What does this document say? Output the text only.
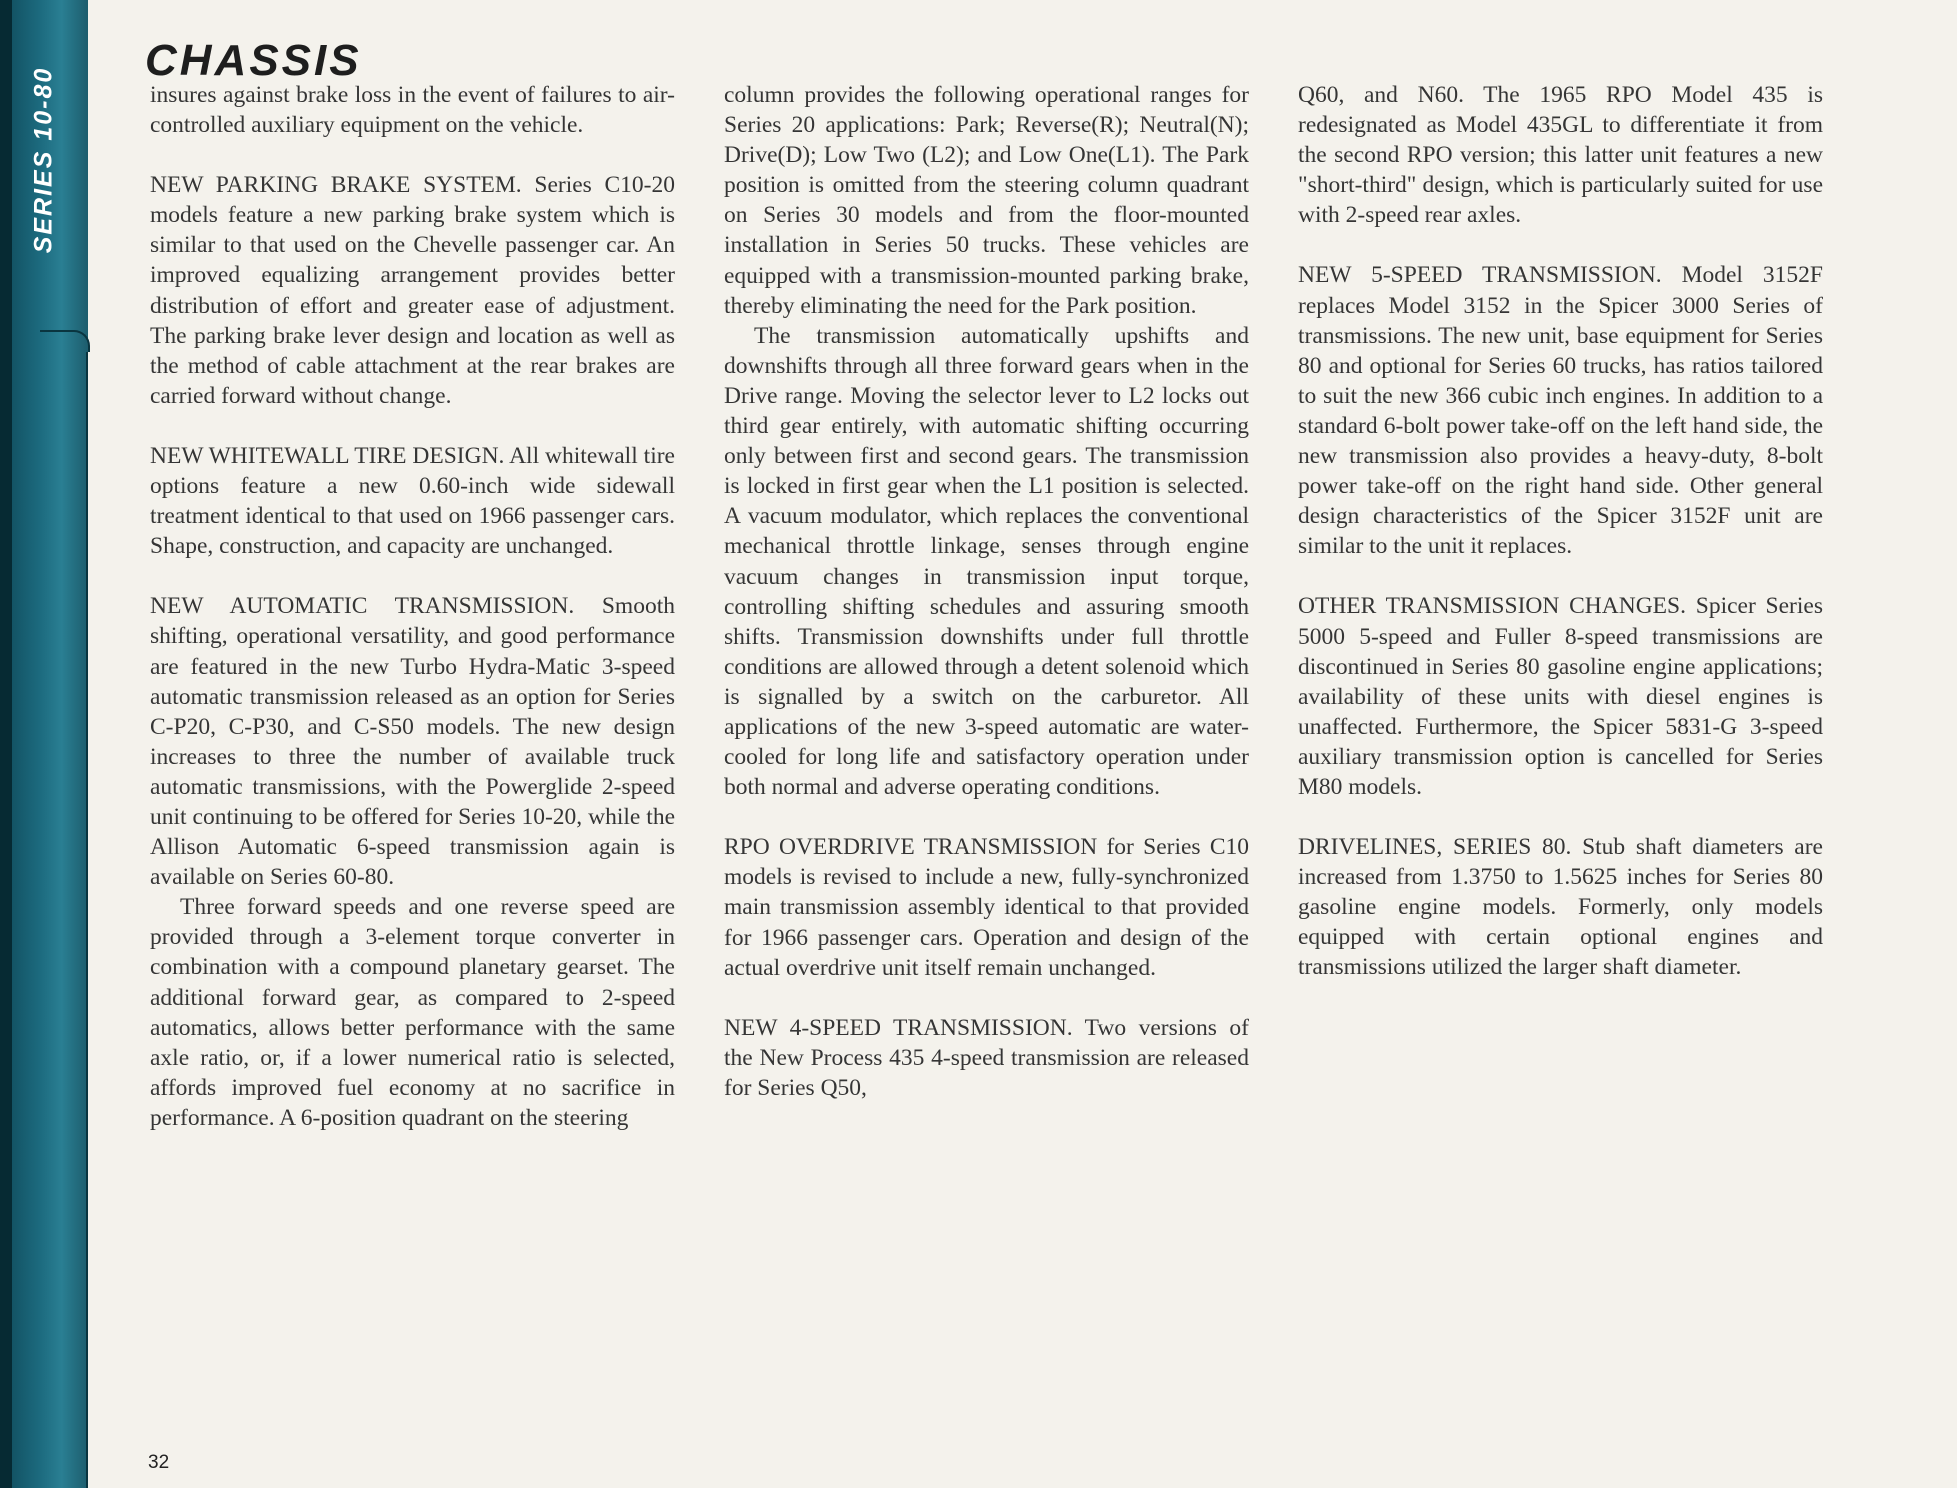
SERIES 10-80
CHASSIS

insures against brake loss in the event of failures to air-controlled auxiliary equipment on the vehicle.

NEW PARKING BRAKE SYSTEM. Series C10-20 models feature a new parking brake system which is similar to that used on the Chevelle passenger car. An improved equalizing arrangement provides better distribution of effort and greater ease of adjustment. The parking brake lever design and location as well as the method of cable attachment at the rear brakes are carried forward without change.

NEW WHITEWALL TIRE DESIGN. All whitewall tire options feature a new 0.60-inch wide sidewall treatment identical to that used on 1966 passenger cars. Shape, construction, and capacity are unchanged.

NEW AUTOMATIC TRANSMISSION. Smooth shifting, operational versatility, and good performance are featured in the new Turbo Hydra-Matic 3-speed automatic transmission released as an option for Series C-P20, C-P30, and C-S50 models. The new design increases to three the number of available truck automatic transmissions, with the Powerglide 2-speed unit continuing to be offered for Series 10-20, while the Allison Automatic 6-speed transmission again is available on Series 60-80.

Three forward speeds and one reverse speed are provided through a 3-element torque converter in combination with a compound planetary gearset. The additional forward gear, as compared to 2-speed automatics, allows better performance with the same axle ratio, or, if a lower numerical ratio is selected, affords improved fuel economy at no sacrifice in performance. A 6-position quadrant on the steering

column provides the following operational ranges for Series 20 applications: Park; Reverse(R); Neutral(N); Drive(D); Low Two (L2); and Low One(L1). The Park position is omitted from the steering column quadrant on Series 30 models and from the floor-mounted installation in Series 50 trucks. These vehicles are equipped with a transmission-mounted parking brake, thereby eliminating the need for the Park position.

The transmission automatically upshifts and downshifts through all three forward gears when in the Drive range. Moving the selector lever to L2 locks out third gear entirely, with automatic shifting occurring only between first and second gears. The transmission is locked in first gear when the L1 position is selected. A vacuum modulator, which replaces the conventional mechanical throttle linkage, senses through engine vacuum changes in transmission input torque, controlling shifting schedules and assuring smooth shifts. Transmission downshifts under full throttle conditions are allowed through a detent solenoid which is signalled by a switch on the carburetor. All applications of the new 3-speed automatic are water-cooled for long life and satisfactory operation under both normal and adverse operating conditions.

RPO OVERDRIVE TRANSMISSION for Series C10 models is revised to include a new, fully-synchronized main transmission assembly identical to that provided for 1966 passenger cars. Operation and design of the actual overdrive unit itself remain unchanged.

NEW 4-SPEED TRANSMISSION. Two versions of the New Process 435 4-speed transmission are released for Series Q50,

Q60, and N60. The 1965 RPO Model 435 is redesignated as Model 435GL to differentiate it from the second RPO version; this latter unit features a new "short-third" design, which is particularly suited for use with 2-speed rear axles.

NEW 5-SPEED TRANSMISSION. Model 3152F replaces Model 3152 in the Spicer 3000 Series of transmissions. The new unit, base equipment for Series 80 and optional for Series 60 trucks, has ratios tailored to suit the new 366 cubic inch engines. In addition to a standard 6-bolt power take-off on the left hand side, the new transmission also provides a heavy-duty, 8-bolt power take-off on the right hand side. Other general design characteristics of the Spicer 3152F unit are similar to the unit it replaces.

OTHER TRANSMISSION CHANGES. Spicer Series 5000 5-speed and Fuller 8-speed transmissions are discontinued in Series 80 gasoline engine applications; availability of these units with diesel engines is unaffected. Furthermore, the Spicer 5831-G 3-speed auxiliary transmission option is cancelled for Series M80 models.

DRIVELINES, SERIES 80. Stub shaft diameters are increased from 1.3750 to 1.5625 inches for Series 80 gasoline engine models. Formerly, only models equipped with certain optional engines and transmissions utilized the larger shaft diameter.

32
